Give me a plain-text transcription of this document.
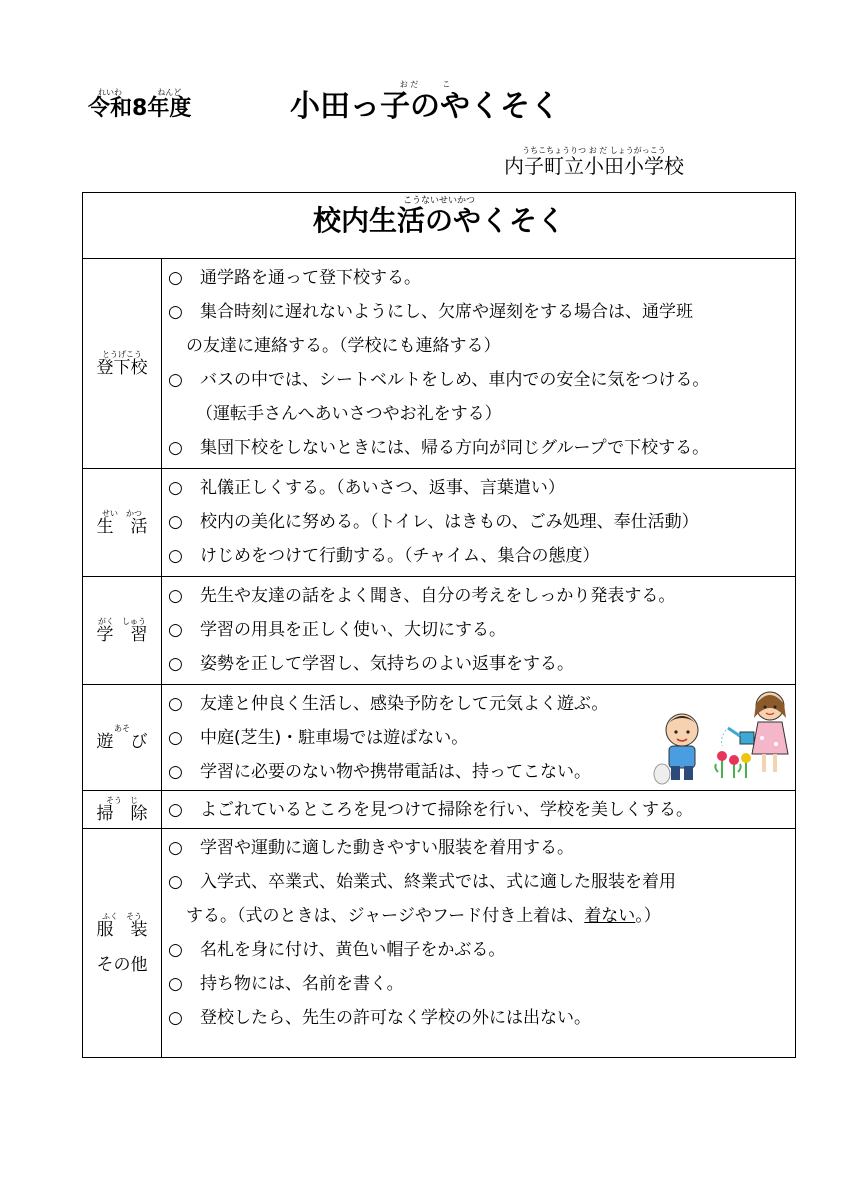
令和れいわ8年度ねんど	小田っ子のやくそくお だ　　　こ
内子町立小田小学校うちこちょうりつ お だ しょうがっこう
校内生活のやくそくこうないせいかつ
登下校とうげこう
○ 通学路を通って登下校する。
○ 集合時刻に遅れないようにし、欠席や遅刻をする場合は、通学班
の友達に連絡する。（学校にも連絡する）
○ バスの中では、シートベルトをしめ、車内での安全に気をつける。
（運転手さんへあいさつやお礼をする）
○ 集団下校をしないときには、帰る方向が同じグループで下校する。
生　活せい　かつ
○ 礼儀正しくする。（あいさつ、返事、言葉遣い）
○ 校内の美化に努める。（トイレ、はきもの、ごみ処理、奉仕活動）
○ けじめをつけて行動する。（チャイム、集合の態度）
学　習がく　しゅう
○ 先生や友達の話をよく聞き、自分の考えをしっかり発表する。
○ 学習の用具を正しく使い、大切にする。
○ 姿勢を正して学習し、気持ちのよい返事をする。
遊　びあそ
○ 友達と仲良く生活し、感染予防をして元気よく遊ぶ。
○ 中庭(芝生)・駐車場では遊ばない。
○ 学習に必要のない物や携帯電話は、持ってこない。
掃　除そう　じ ○ よごれているところを見つけて掃除を行い、学校を美しくする。
服　装ふく　そう
その他
○ 学習や運動に適した動きやすい服装を着用する。
○ 入学式、卒業式、始業式、終業式では、式に適した服装を着用
する。（式のときは、ジャージやフード付き上着は、着ない。）
○ 名札を身に付け、黄色い帽子をかぶる。
○ 持ち物には、名前を書く。
○ 登校したら、先生の許可なく学校の外には出ない。
